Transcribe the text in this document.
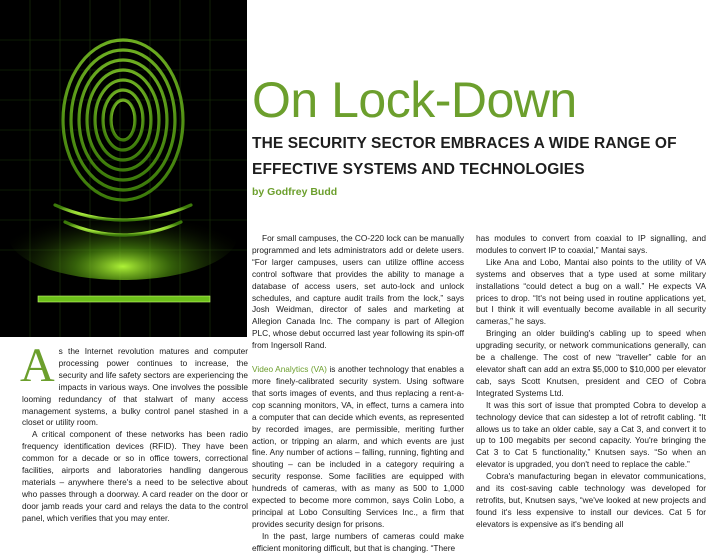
On Lock-Down
THE SECURITY SECTOR EMBRACES A WIDE RANGE OF EFFECTIVE SYSTEMS AND TECHNOLOGIES
by Godfrey Budd

As the Internet revolution matures and computer processing power continues to increase, the security and life safety sectors are experiencing the impacts in various ways. One involves the possible looming redundancy of that stalwart of many access management systems, a bulky control panel stashed in a closet or utility room.

A critical component of these networks has been radio frequency identification devices (RFID). They have been common for a decade or so in office towers, correctional facilities, airports and laboratories handling dangerous materials – anywhere there's a need to be selective about who passes through a doorway. A card reader on the door or door jamb reads your card and relays the data to the control panel, which verifies that you may enter.

For small campuses, the CO-220 lock can be manually programmed and lets administrators add or delete users. “For larger campuses, users can utilize offline access control software that provides the ability to manage a database of access users, set auto-lock and unlock schedules, and capture audit trails from the lock,” says Josh Weidman, director of sales and marketing at Allegion Canada Inc. The company is part of Allegion PLC, whose debut occurred last year following its spin-off from Ingersoll Rand.

Video Analytics (VA) is another technology that enables a more finely-calibrated security system. Using software that sorts images of events, and thus replacing a rent-a-cop scanning monitors, VA, in effect, turns a camera into a computer that can decide which events, as represented by recorded images, are permissible, meriting further action, or tripping an alarm, and which events are just fine. Any number of actions – falling, running, fighting and shouting – can be included in a category requiring a security response. Some facilities are equipped with hundreds of cameras, with as many as 500 to 1,000 expected to become more common, says Colin Lobo, a principal at Lobo Consulting Services Inc., a firm that provides security design for prisons.

In the past, large numbers of cameras could make efficient monitoring difficult, but that is changing. “There

has modules to convert from coaxial to IP signalling, and modules to convert IP to coaxial,” Mantai says.

Like Ana and Lobo, Mantai also points to the utility of VA systems and observes that a type used at some military installations “could detect a bug on a wall.” He expects VA prices to drop. “It's not being used in routine applications yet, but I think it will eventually become available in all security cameras,” he says.

Bringing an older building's cabling up to speed when upgrading security, or network communications generally, can be a challenge. The cost of new “traveller” cable for an elevator shaft can add an extra $5,000 to $10,000 per elevator cab, says Scott Knutsen, president and CEO of Cobra Integrated Systems Ltd.

It was this sort of issue that prompted Cobra to develop a technology device that can sidestep a lot of retrofit cabling. “It allows us to take an older cable, say a Cat 3, and convert it to up to 100 megabits per second capacity. You're bringing the Cat 3 to Cat 5 functionality,” Knutsen says. “So when an elevator is upgraded, you don't need to replace the cable.”

Cobra's manufacturing began in elevator communications, and its cost-saving cable technology was developed for retrofits, but, Knutsen says, “we've looked at new projects and found it's less expensive to install our devices. Cat 5 for elevators is expensive as it's bending all
